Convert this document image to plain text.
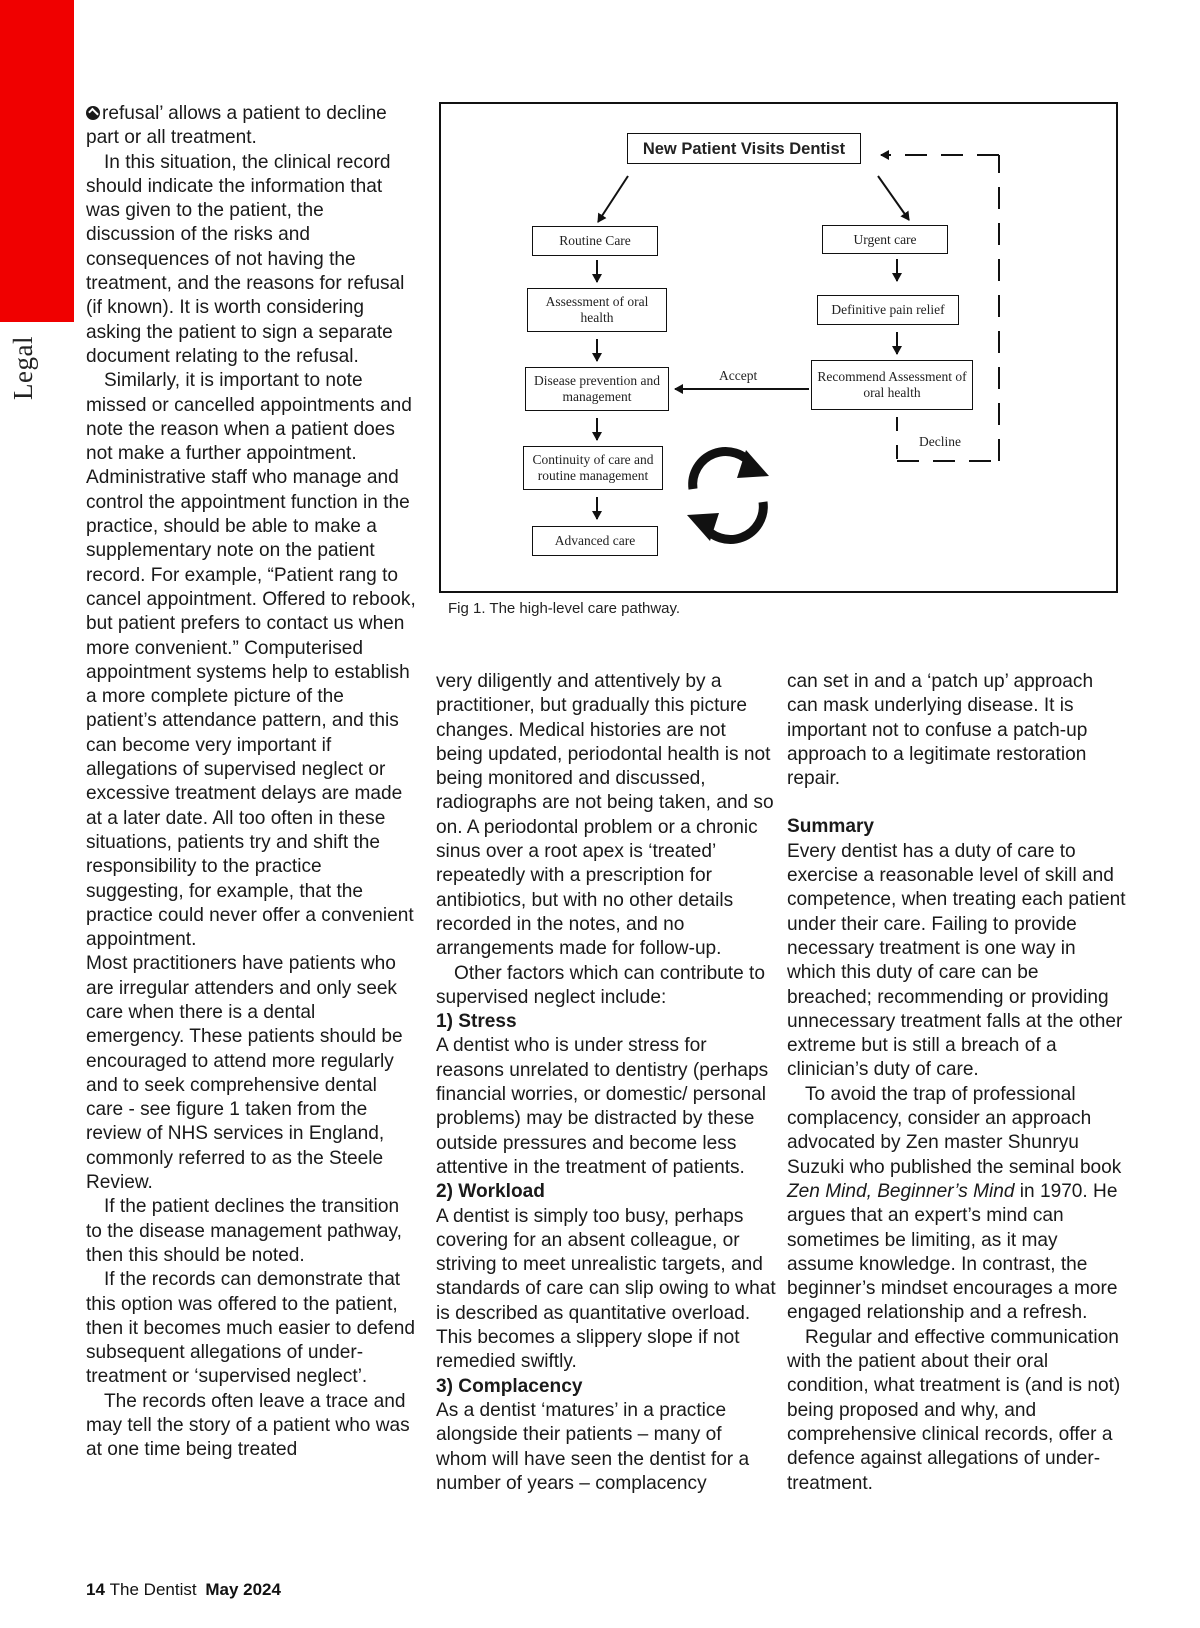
Legal

refusal’ allows a patient to decline part or all treatment.

In this situation, the clinical record should indicate the information that was given to the patient, the discussion of the risks and consequences of not having the treatment, and the reasons for refusal (if known). It is worth considering asking the patient to sign a separate document relating to the refusal.

Similarly, it is important to note missed or cancelled appointments and note the reason when a patient does not make a further appointment. Administrative staff who manage and control the appointment function in the practice, should be able to make a supplementary note on the patient record. For example, “Patient rang to cancel appointment. Offered to rebook, but patient prefers to contact us when more convenient.” Computerised appointment systems help to establish a more complete picture of the patient’s attendance pattern, and this can become very important if allegations of supervised neglect or excessive treatment delays are made at a later date. All too often in these situations, patients try and shift the responsibility to the practice suggesting, for example, that the practice could never offer a convenient appointment.

Most practitioners have patients who are irregular attenders and only seek care when there is a dental emergency. These patients should be encouraged to attend more regularly and to seek comprehensive dental care - see figure 1 taken from the review of NHS services in England, commonly referred to as the Steele Review.

If the patient declines the transition to the disease management pathway, then this should be noted.

If the records can demonstrate that this option was offered to the patient, then it becomes much easier to defend subsequent allegations of under-treatment or ‘supervised neglect’.

The records often leave a trace and may tell the story of a patient who was at one time being treated

New Patient Visits Dentist
Routine Care
Assessment of oral health
Disease prevention and management
Continuity of care and routine management
Advanced care
Urgent care
Definitive pain relief
Recommend Assessment of oral health
Accept
Decline
Fig 1. The high-level care pathway.

very diligently and attentively by a practitioner, but gradually this picture changes. Medical histories are not being updated, periodontal health is not being monitored and discussed, radiographs are not being taken, and so on. A periodontal problem or a chronic sinus over a root apex is ‘treated’ repeatedly with a prescription for antibiotics, but with no other details recorded in the notes, and no arrangements made for follow-up.

Other factors which can contribute to supervised neglect include:

1) Stress

A dentist who is under stress for reasons unrelated to dentistry (perhaps financial worries, or domestic/ personal problems) may be distracted by these outside pressures and become less attentive in the treatment of patients.

2) Workload

A dentist is simply too busy, perhaps covering for an absent colleague, or striving to meet unrealistic targets, and standards of care can slip owing to what is described as quantitative overload. This becomes a slippery slope if not remedied swiftly.

3) Complacency

As a dentist ‘matures’ in a practice alongside their patients – many of whom will have seen the dentist for a number of years – complacency

can set in and a ‘patch up’ approach can mask underlying disease. It is important not to confuse a patch-up approach to a legitimate restoration repair.

Summary

Every dentist has a duty of care to exercise a reasonable level of skill and competence, when treating each patient under their care. Failing to provide necessary treatment is one way in which this duty of care can be breached; recommending or providing unnecessary treatment falls at the other extreme but is still a breach of a clinician’s duty of care.

To avoid the trap of professional complacency, consider an approach advocated by Zen master Shunryu Suzuki who published the seminal book Zen Mind, Beginner’s Mind in 1970. He argues that an expert’s mind can sometimes be limiting, as it may assume knowledge. In contrast, the beginner’s mindset encourages a more engaged relationship and a refresh.

Regular and effective communication with the patient about their oral condition, what treatment is (and is not) being proposed and why, and comprehensive clinical records, offer a defence against allegations of under-treatment.

14 The Dentist May 2024
